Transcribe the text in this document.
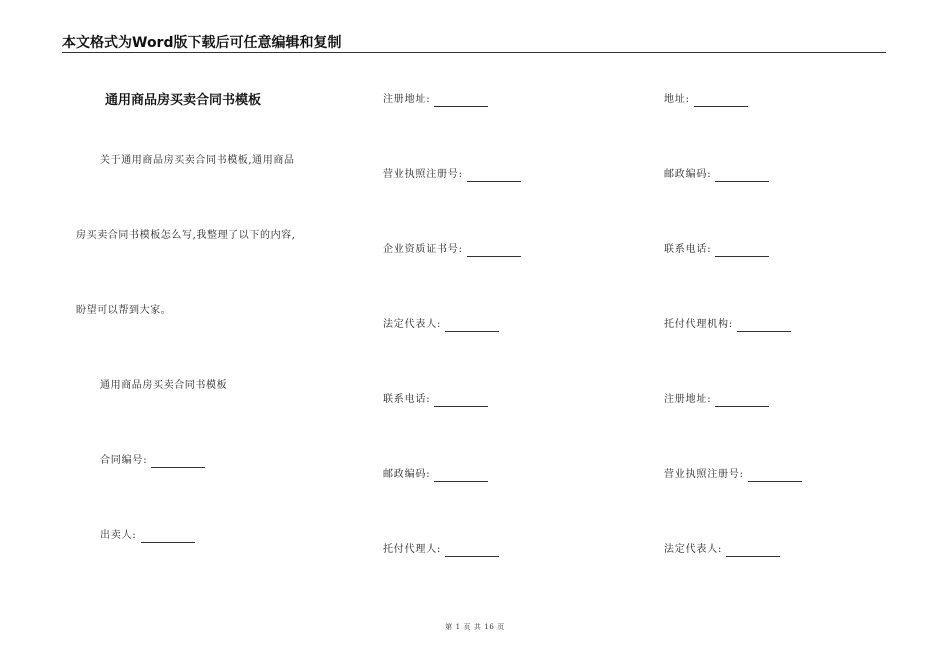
本文格式为Word版下载后可任意编辑和复制
通用商品房买卖合同书模板
关于通用商品房买卖合同书模板,通用商品
房买卖合同书模板怎么写,我整理了以下的内容,
盼望可以帮到大家。
通用商品房买卖合同书模板
合同编号:
出卖人:
注册地址:
营业执照注册号:
企业资质证书号:
法定代表人:
联系电话:
邮政编码:
托付代理人:
地址:
邮政编码:
联系电话:
托付代理机构:
注册地址:
营业执照注册号:
法定代表人:
第 1 页 共 16 页
